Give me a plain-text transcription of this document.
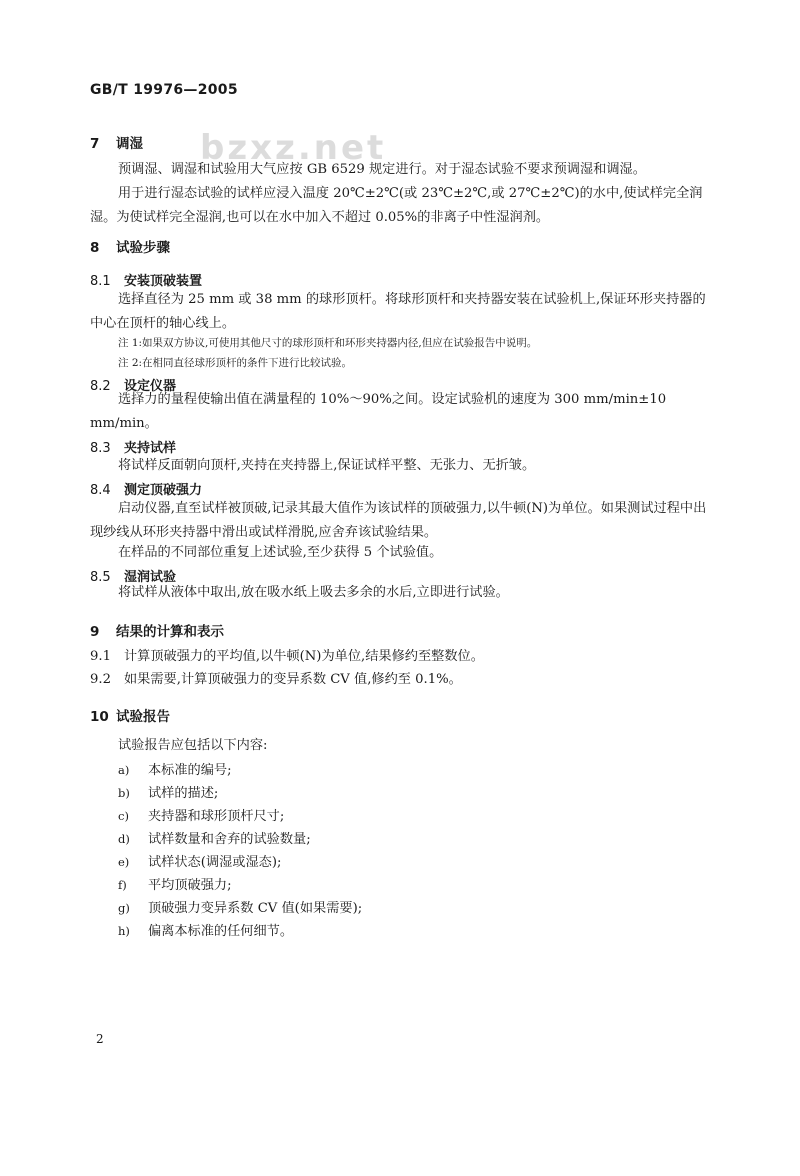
GB/T 19976—2005
bzxz.net
7 调湿
预调湿、调湿和试验用大气应按 GB 6529 规定进行。对于湿态试验不要求预调湿和调湿。
用于进行湿态试验的试样应浸入温度 20℃±2℃(或 23℃±2℃,或 27℃±2℃)的水中,使试样完全润湿。为使试样完全湿润,也可以在水中加入不超过 0.05%的非离子中性湿润剂。
8 试验步骤
8.1 安装顶破装置
选择直径为 25 mm 或 38 mm 的球形顶杆。将球形顶杆和夹持器安装在试验机上,保证环形夹持器的中心在顶杆的轴心线上。
注 1:如果双方协议,可使用其他尺寸的球形顶杆和环形夹持器内径,但应在试验报告中说明。
注 2:在相同直径球形顶杆的条件下进行比较试验。
8.2 设定仪器
选择力的量程使输出值在满量程的 10%～90%之间。设定试验机的速度为 300 mm/min±10 mm/min。
8.3 夹持试样
将试样反面朝向顶杆,夹持在夹持器上,保证试样平整、无张力、无折皱。
8.4 测定顶破强力
启动仪器,直至试样被顶破,记录其最大值作为该试样的顶破强力,以牛顿(N)为单位。如果测试过程中出现纱线从环形夹持器中滑出或试样滑脱,应舍弃该试验结果。
在样品的不同部位重复上述试验,至少获得 5 个试验值。
8.5 湿润试验
将试样从液体中取出,放在吸水纸上吸去多余的水后,立即进行试验。
9 结果的计算和表示
9.1 计算顶破强力的平均值,以牛顿(N)为单位,结果修约至整数位。
9.2 如果需要,计算顶破强力的变异系数 CV 值,修约至 0.1%。
10 试验报告
试验报告应包括以下内容:
a) 本标准的编号;
b) 试样的描述;
c) 夹持器和球形顶杆尺寸;
d) 试样数量和舍弃的试验数量;
e) 试样状态(调湿或湿态);
f) 平均顶破强力;
g) 顶破强力变异系数 CV 值(如果需要);
h) 偏离本标准的任何细节。
2
